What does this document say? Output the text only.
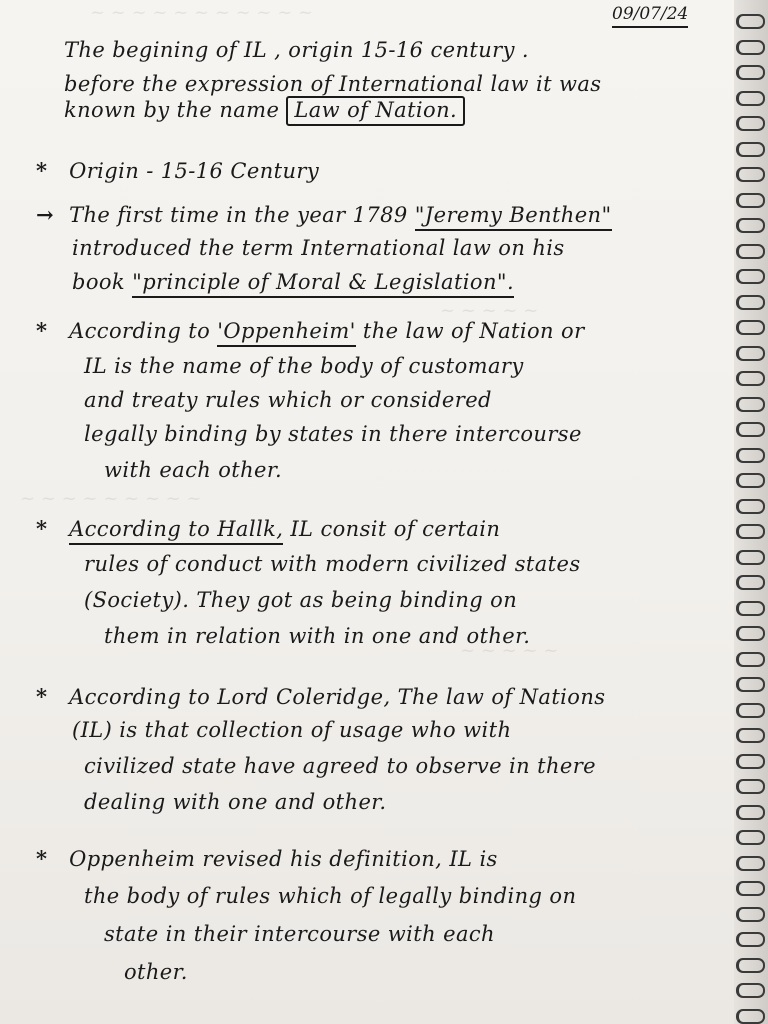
~ ~ ~ ~ ~ ~ ~ ~ ~ ~ ~
~ ~ ~ ~ ~
~ ~ ~ ~ ~ ~ ~ ~ ~
~ ~ ~ ~ ~
09/07/24
The begining of IL , origin 15-16 century .
before the expression of International law it was
known by the name Law of Nation.
* Origin - 15-16 Century
→ The first time in the year 1789 "Jeremy Benthen"
introduced the term International law on his
book "principle of Moral & Legislation".
* According to 'Oppenheim' the law of Nation or
IL is the name of the body of customary
and treaty rules which or considered
legally binding by states in there intercourse
with each other.
* According to Hallk, IL consit of certain
rules of conduct with modern civilized states
(Society). They got as being binding on
them in relation with in one and other.
* According to Lord Coleridge, The law of Nations
(IL) is that collection of usage who with
civilized state have agreed to observe in there
dealing with one and other.
* Oppenheim revised his definition, IL is
the body of rules which of legally binding on
state in their intercourse with each
other.
